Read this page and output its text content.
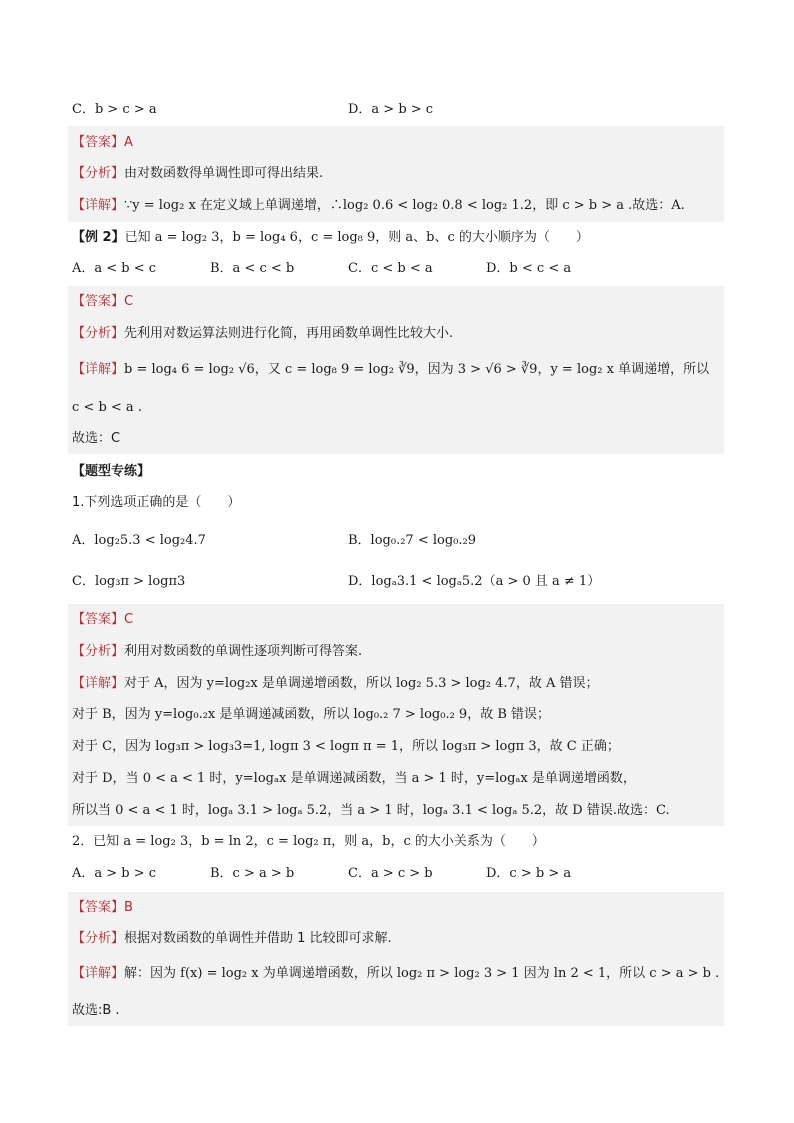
C．b > c > a	D．a > b > c
【答案】A
【分析】由对数函数得单调性即可得出结果.
【详解】∵y = log₂ x 在定义域上单调递增，∴log₂ 0.6 < log₂ 0.8 < log₂ 1.2，即 c > b > a .故选：A.
【例 2】已知 a = log₂ 3，b = log₄ 6，c = log₈ 9，则 a、b、c 的大小顺序为（　　）
A．a < b < c	B．a < c < b	C．c < b < a	D．b < c < a
【答案】C
【分析】先利用对数运算法则进行化简，再用函数单调性比较大小.
【详解】b = log₄ 6 = log₂ √6，又 c = log₈ 9 = log₂ ∛9，因为 3 > √6 > ∛9，y = log₂ x 单调递增，所以
c < b < a .
故选：C
【题型专练】
1.下列选项正确的是（　　）
A．log₂5.3 < log₂4.7	B．log₀.₂7 < log₀.₂9
C．log₃π > logπ3	D．logₐ3.1 < logₐ5.2（a > 0 且 a ≠ 1）
【答案】C
【分析】利用对数函数的单调性逐项判断可得答案.
【详解】对于 A，因为 y=log₂x 是单调递增函数，所以 log₂ 5.3 > log₂ 4.7，故 A 错误；
对于 B，因为 y=log₀.₂x 是单调递减函数，所以 log₀.₂ 7 > log₀.₂ 9，故 B 错误；
对于 C，因为 log₃π > log₃3=1, logπ 3 < logπ π = 1，所以 log₃π > logπ 3，故 C 正确；
对于 D，当 0 < a < 1 时，y=logₐx 是单调递减函数，当 a > 1 时，y=logₐx 是单调递增函数，
所以当 0 < a < 1 时，logₐ 3.1 > logₐ 5.2，当 a > 1 时，logₐ 3.1 < logₐ 5.2，故 D 错误.故选：C.
2．已知 a = log₂ 3，b = ln 2，c = log₂ π，则 a，b，c 的大小关系为（　　）
A．a > b > c	B．c > a > b	C．a > c > b	D．c > b > a
【答案】B
【分析】根据对数函数的单调性并借助 1 比较即可求解.
【详解】解：因为 f(x) = log₂ x 为单调递增函数，所以 log₂ π > log₂ 3 > 1 因为 ln 2 < 1，所以 c > a > b .
故选:B .
